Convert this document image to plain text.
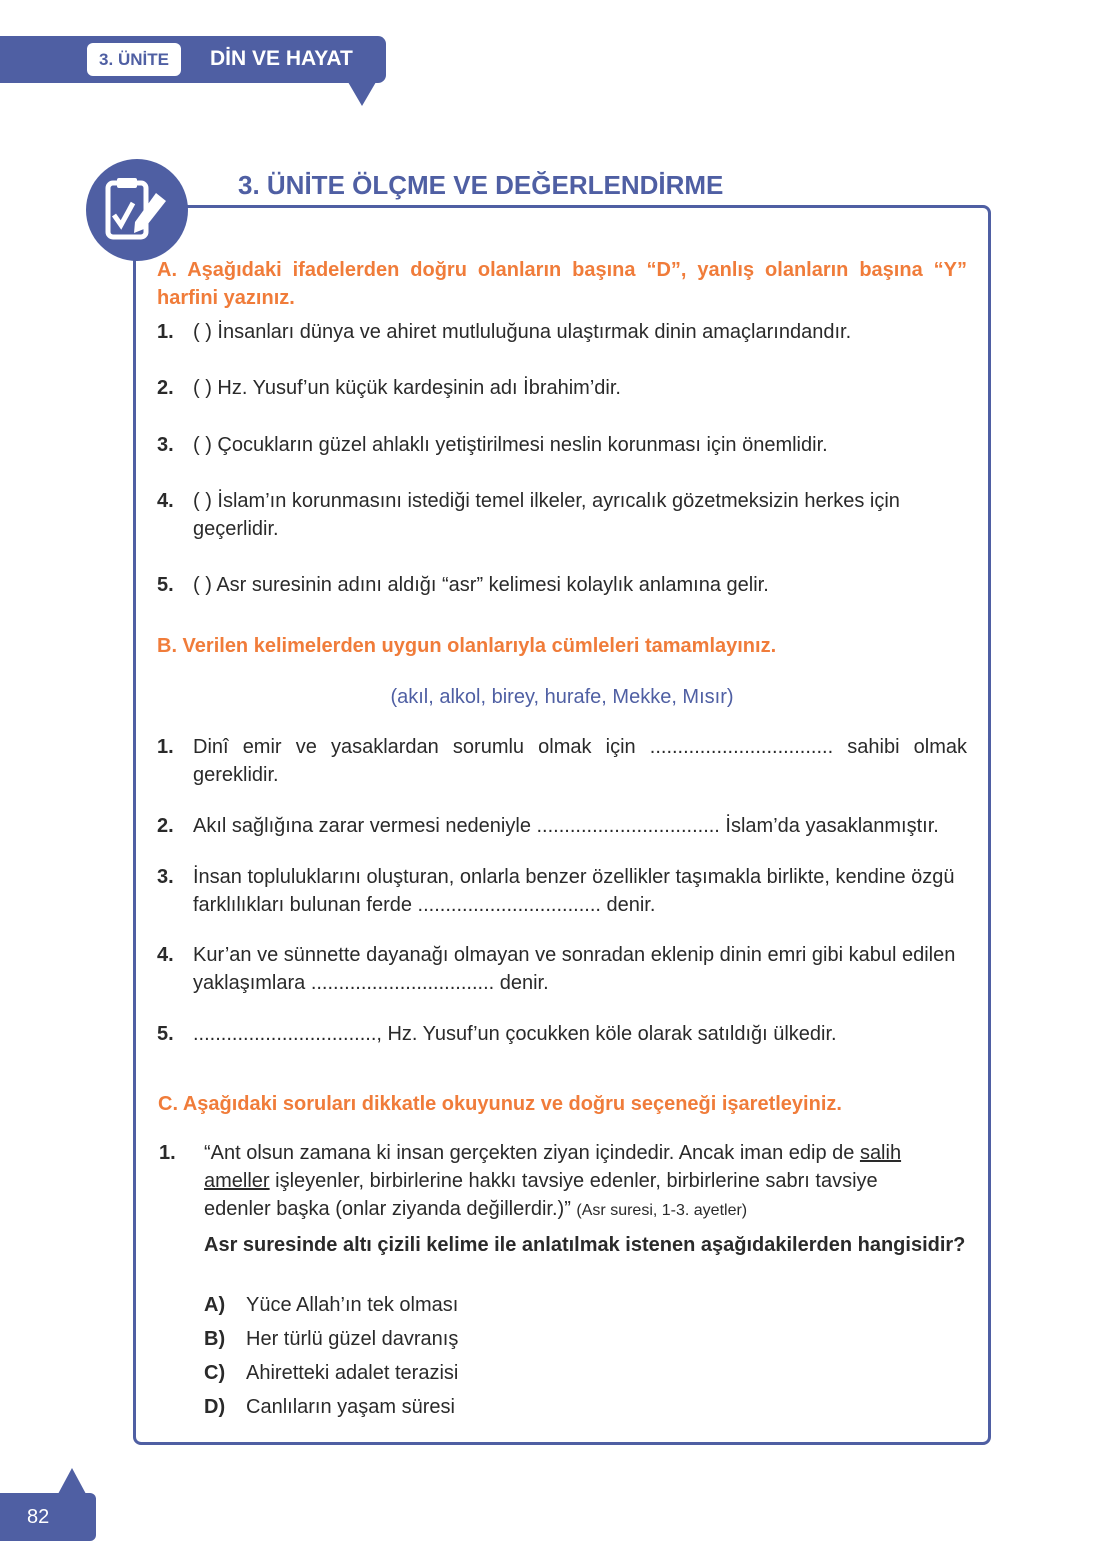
3. ÜNİTE	DİN VE HAYAT
3. ÜNİTE ÖLÇME VE DEĞERLENDİRME
A. Aşağıdaki ifadelerden doğru olanların başına “D”, yanlış olanların başına “Y” harfini yazınız.
1. ( ) İnsanları dünya ve ahiret mutluluğuna ulaştırmak dinin amaçlarındandır.
2. ( ) Hz. Yusuf’un küçük kardeşinin adı İbrahim’dir.
3. ( ) Çocukların güzel ahlaklı yetiştirilmesi neslin korunması için önemlidir.
4. ( ) İslam’ın korunmasını istediği temel ilkeler, ayrıcalık gözetmeksizin herkes için geçerlidir.
5. ( ) Asr suresinin adını aldığı “asr” kelimesi kolaylık anlamına gelir.
B. Verilen kelimelerden uygun olanlarıyla cümleleri tamamlayınız.
(akıl, alkol, birey, hurafe, Mekke, Mısır)
1. Dinî emir ve yasaklardan sorumlu olmak için ................................. sahibi olmak gereklidir.
2. Akıl sağlığına zarar vermesi nedeniyle ................................. İslam’da yasaklanmıştır.
3. İnsan topluluklarını oluşturan, onlarla benzer özellikler taşımakla birlikte, kendine özgü farklılıkları bulunan ferde ................................. denir.
4. Kur’an ve sünnette dayanağı olmayan ve sonradan eklenip dinin emri gibi kabul edilen yaklaşımlara ................................. denir.
5. ................................., Hz. Yusuf’un çocukken köle olarak satıldığı ülkedir.
C. Aşağıdaki soruları dikkatle okuyunuz ve doğru seçeneği işaretleyiniz.
1. “Ant olsun zamana ki insan gerçekten ziyan içindedir. Ancak iman edip de salih ameller işleyenler, birbirlerine hakkı tavsiye edenler, birbirlerine sabrı tavsiye edenler başka (onlar ziyanda değillerdir.)” (Asr suresi, 1-3. ayetler)
Asr suresinde altı çizili kelime ile anlatılmak istenen aşağıdakilerden hangisidir?
A) Yüce Allah’ın tek olması
B) Her türlü güzel davranış
C) Ahiretteki adalet terazisi
D) Canlıların yaşam süresi
82
